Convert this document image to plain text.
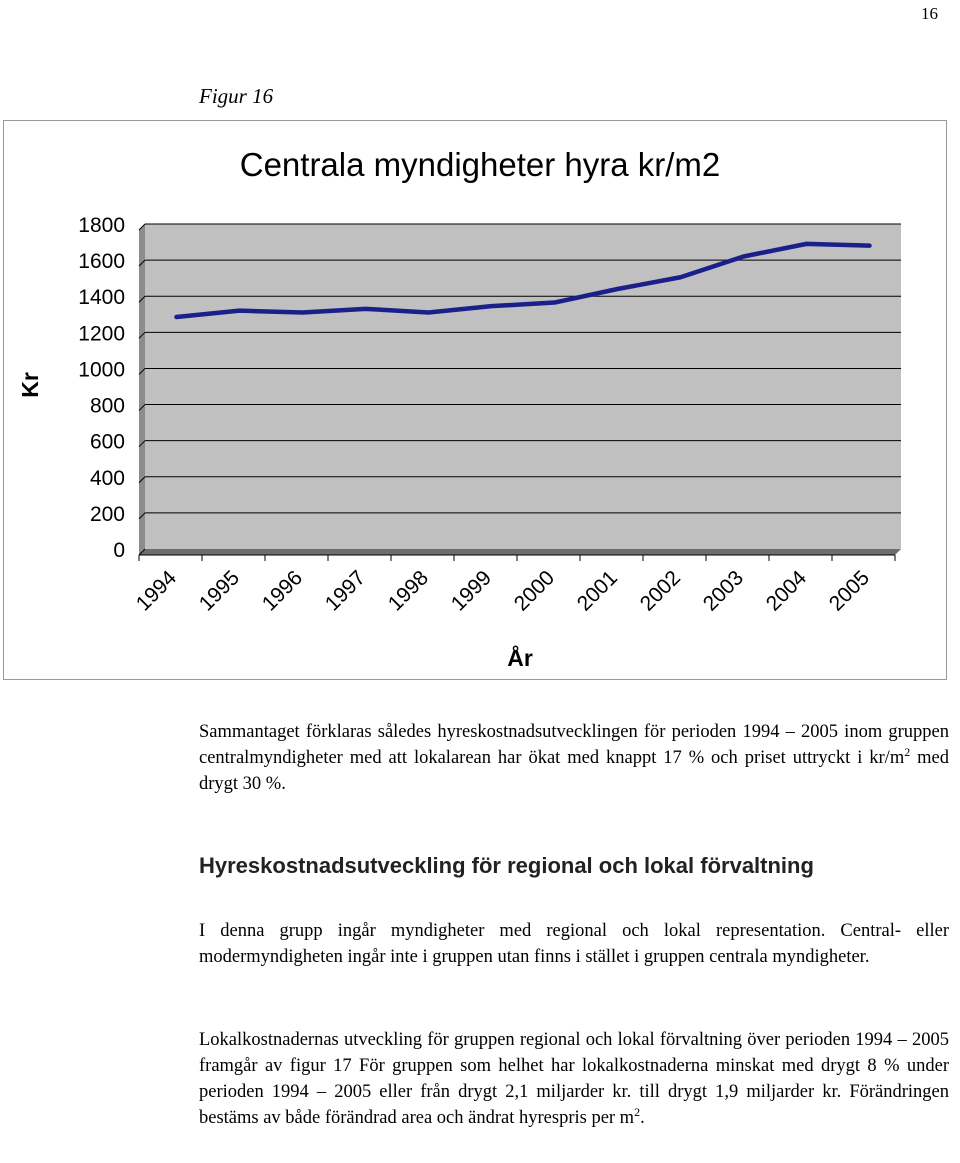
16
Figur 16
Centrala myndigheter hyra kr/m2
0
200
400
600
800
1000
1200
1400
1600
1800
1994 1995 1996 1997 1998 1999 2000 2001 2002 2003 2004 2005
År
Kr

Sammantaget förklaras således hyreskostnadsutvecklingen för perioden 1994 – 2005 inom gruppen centralmyndigheter med att lokalarean har ökat med knappt 17 % och priset uttryckt i $kr/m^2$ med drygt 30 %.

Hyreskostnadsutveckling för regional och lokal förvaltning

I denna grupp ingår myndigheter med regional och lokal representation. Central- eller modermyndigheten ingår inte i gruppen utan finns i stället i gruppen centrala myndigheter.

Lokalkostnadernas utveckling för gruppen regional och lokal förvaltning över perioden 1994 – 2005 framgår av figur 17 För gruppen som helhet har lokalkostnaderna minskat med drygt 8 % under perioden 1994 – 2005 eller från drygt 2,1 miljarder kr. till drygt 1,9 miljarder kr. Förändringen bestäms av både förändrad area och ändrat hyrespris per $m^2$.
